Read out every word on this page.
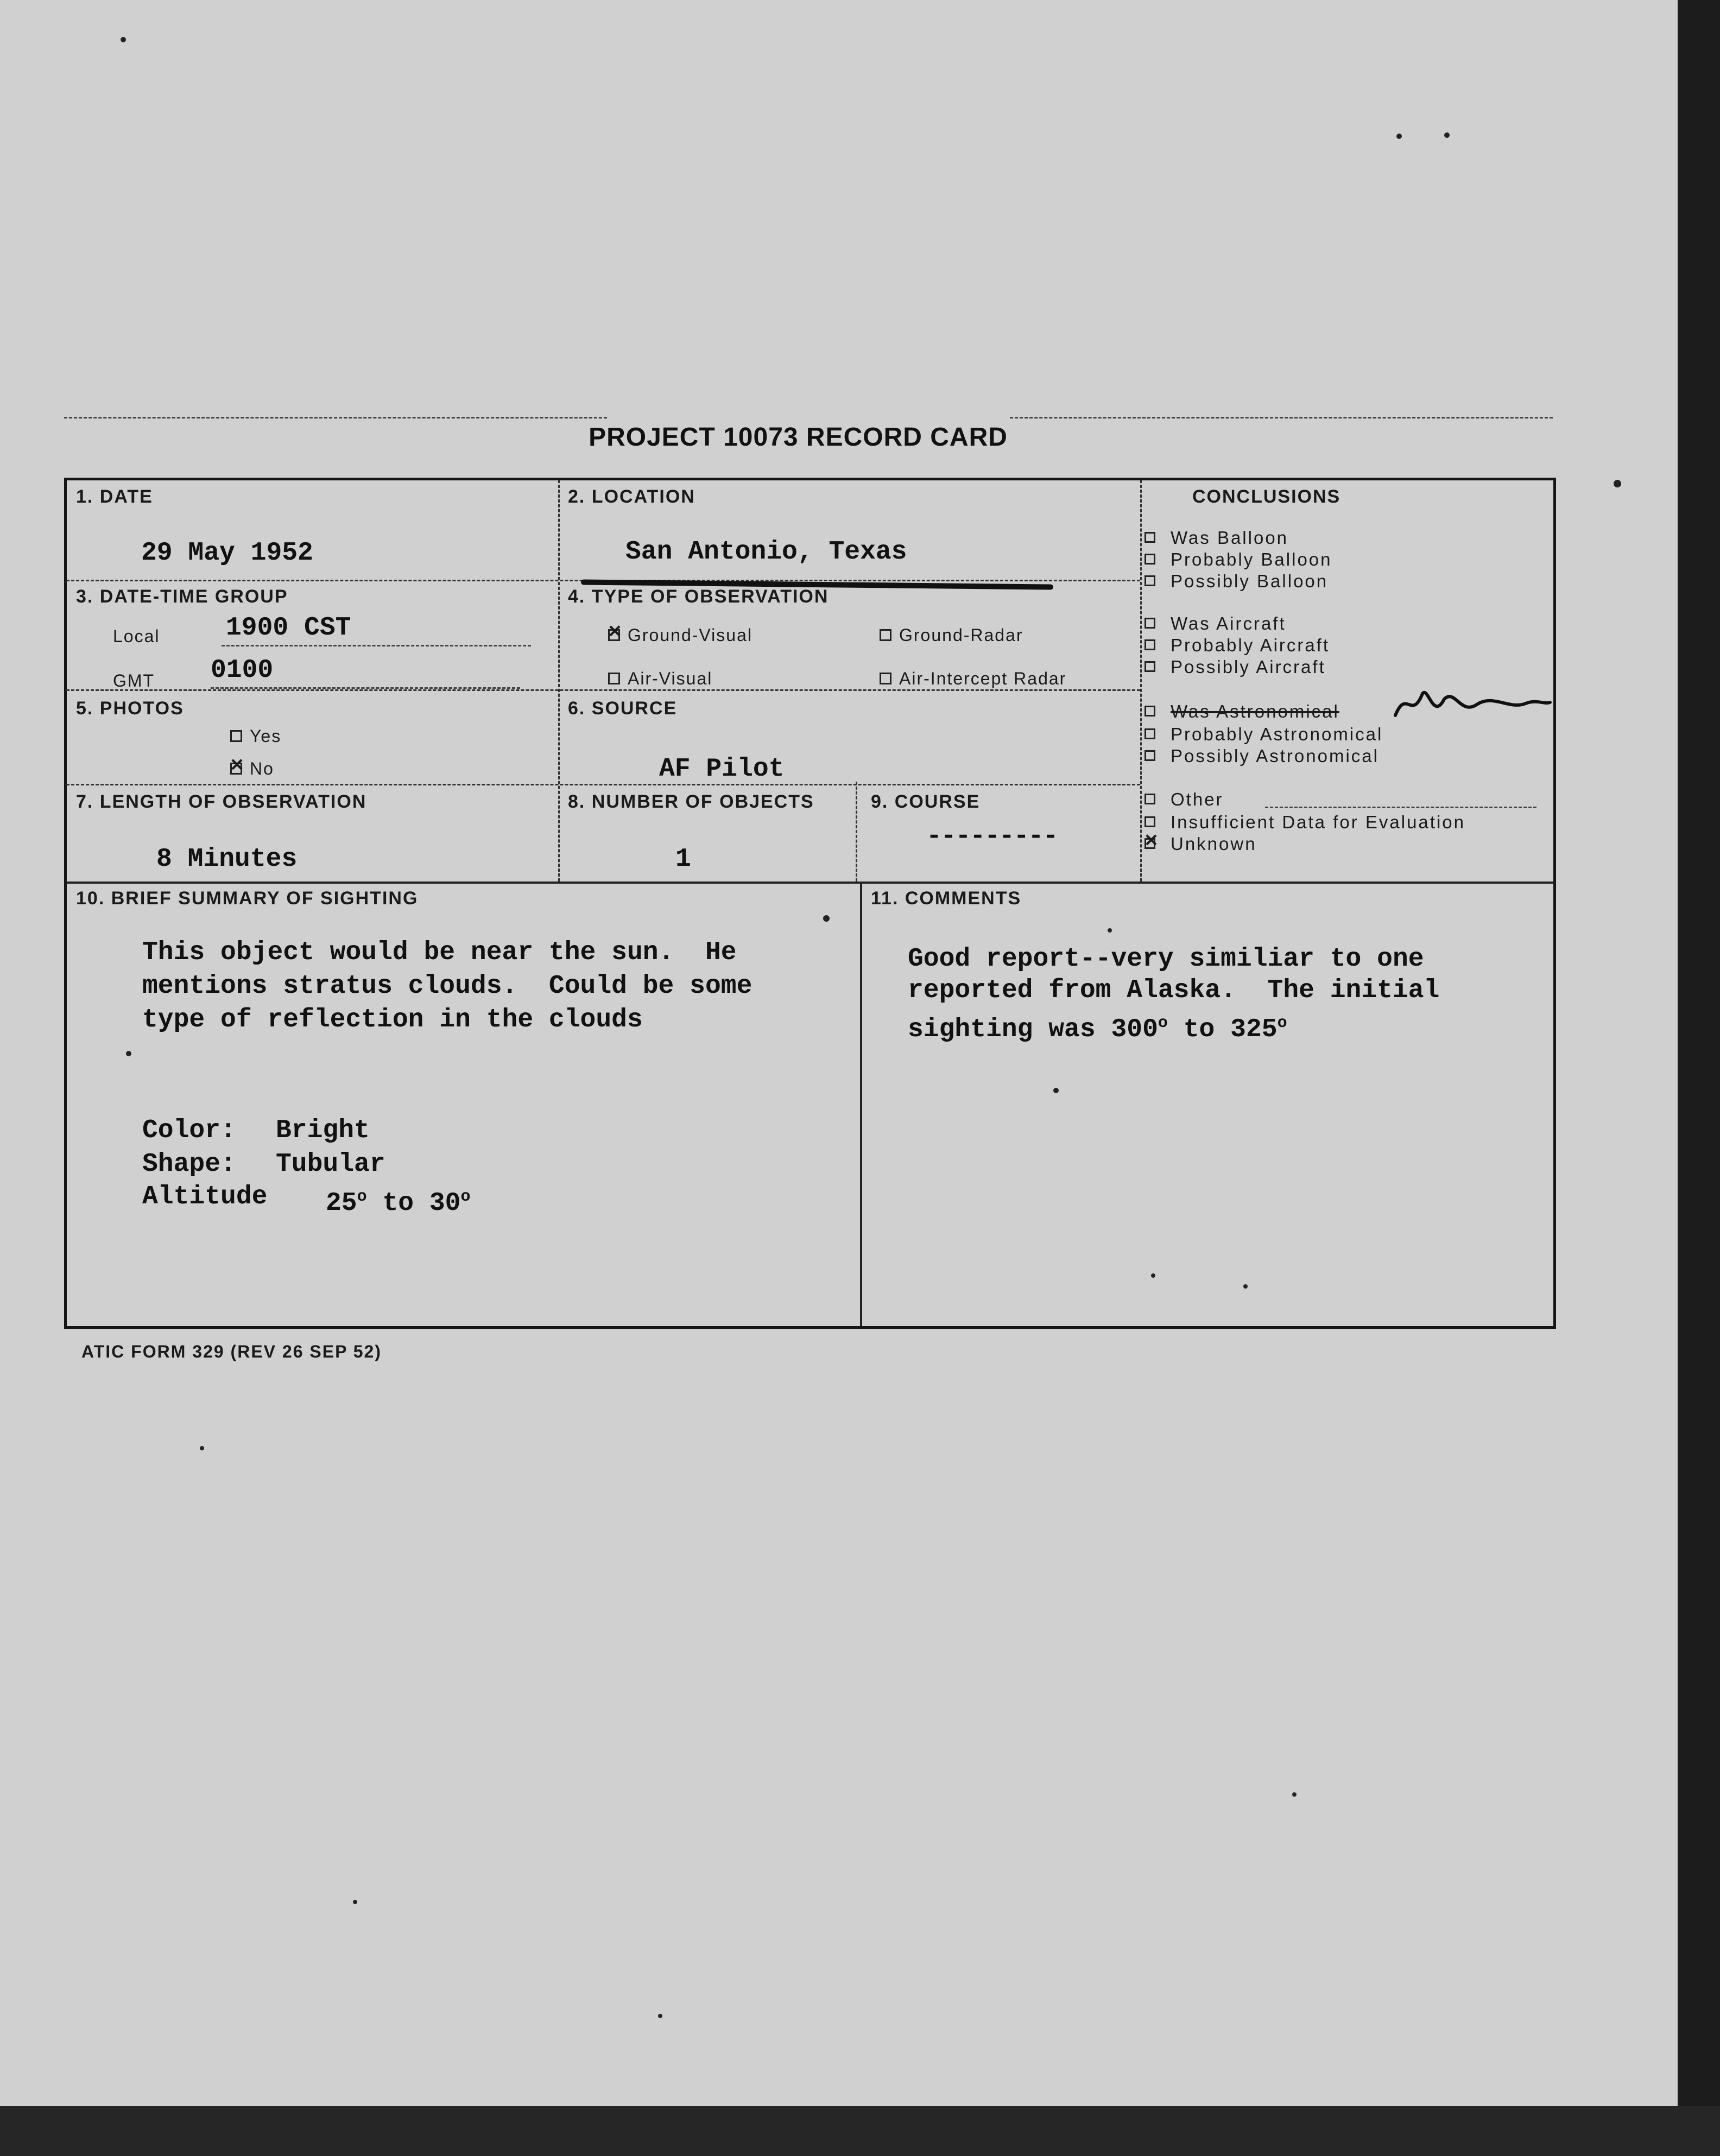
PROJECT 10073 RECORD CARD
1. DATE
29 May 1952
2. LOCATION
San Antonio, Texas
3. DATE-TIME GROUP
Local	1900 CST
GMT 0100
4. TYPE OF OBSERVATION
✕Ground-Visual	Ground-Radar
Air-Visual	Air-Intercept Radar
5. PHOTOS
Yes
✕No
6. SOURCE
AF Pilot
7. LENGTH OF OBSERVATION
8 Minutes
8. NUMBER OF OBJECTS
1
9. COURSE
---------
CONCLUSIONS
Was Balloon
Probably Balloon
Possibly Balloon
Was Aircraft
Probably Aircraft
Possibly Aircraft
Was Astronomical
Probably Astronomical
Possibly Astronomical
Other
Insufficient Data for Evaluation
✕Unknown
10. BRIEF SUMMARY OF SIGHTING
This object would be near the sun.  He
mentions stratus clouds.  Could be some
type of reflection in the clouds
Color: Bright
Shape: Tubular
Altitude 25$^o$ to 30$^o$
11. COMMENTS
Good report--very similiar to one
reported from Alaska.  The initial
sighting was 300$^o$ to 325$^o$
ATIC FORM 329 (REV 26 SEP 52)
